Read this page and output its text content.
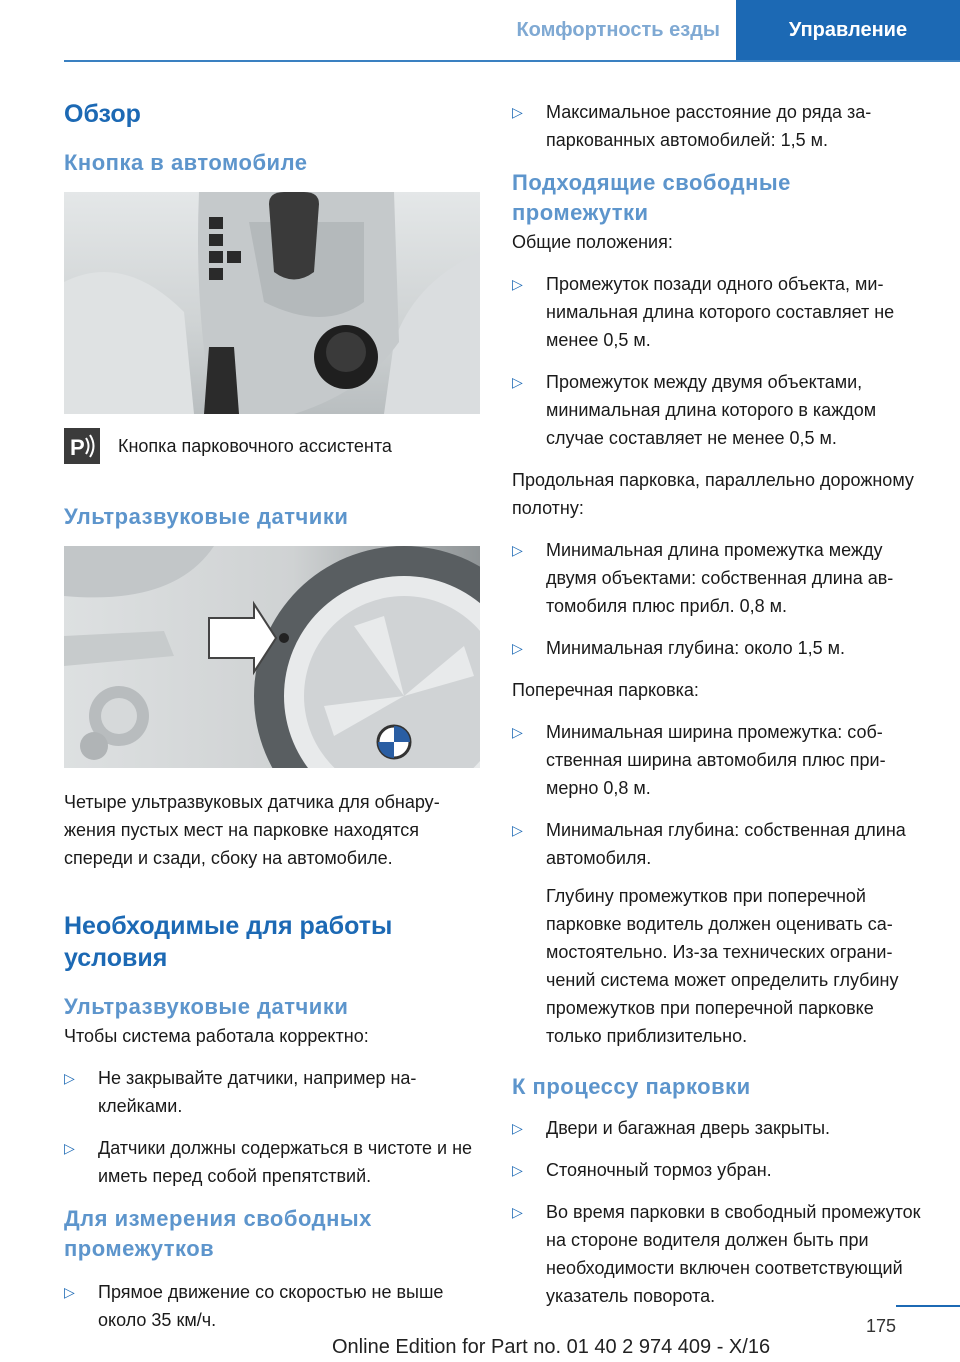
Комфортность езды	Управление
Обзор
Кнопка в автомобиле
P Кнопка парковочного ассистента
Ультразвуковые датчики

Четыре ультразвуковых датчика для обнаружения пустых мест на парковке находятся спереди и сзади, сбоку на автомобиле.

Необходимые для работы условия
Ультразвуковые датчики

Чтобы система работала корректно:

▷ Не закрывайте датчики, например наклейками.
▷ Датчики должны содержаться в чистоте и не иметь перед собой препятствий.
Для измерения свободных промежутков
▷ Прямое движение со скоростью не выше около 35 км/ч.
▷ Максимальное расстояние до ряда запаркованных автомобилей: 1,5 м.
Подходящие свободные промежутки

Общие положения:

▷ Промежуток позади одного объекта, минимальная длина которого составляет не менее 0,5 м.
▷ Промежуток между двумя объектами, минимальная длина которого в каждом случае составляет не менее 0,5 м.

Продольная парковка, параллельно дорожному полотну:

▷ Минимальная длина промежутка между двумя объектами: собственная длина автомобиля плюс прибл. 0,8 м.
▷ Минимальная глубина: около 1,5 м.

Поперечная парковка:

▷ Минимальная ширина промежутка: собственная ширина автомобиля плюс примерно 0,8 м.
▷ Минимальная глубина: собственная длина автомобиля.
Глубину промежутков при поперечной парковке водитель должен оценивать самостоятельно. Из-за технических ограничений система может определить глубину промежутков при поперечной парковке только приблизительно.
К процессу парковки
▷ Двери и багажная дверь закрыты.
▷ Стояночный тормоз убран.
▷ Во время парковки в свободный промежуток на стороне водителя должен быть при необходимости включен соответствующий указатель поворота.
175
Online Edition for Part no. 01 40 2 974 409 - X/16
